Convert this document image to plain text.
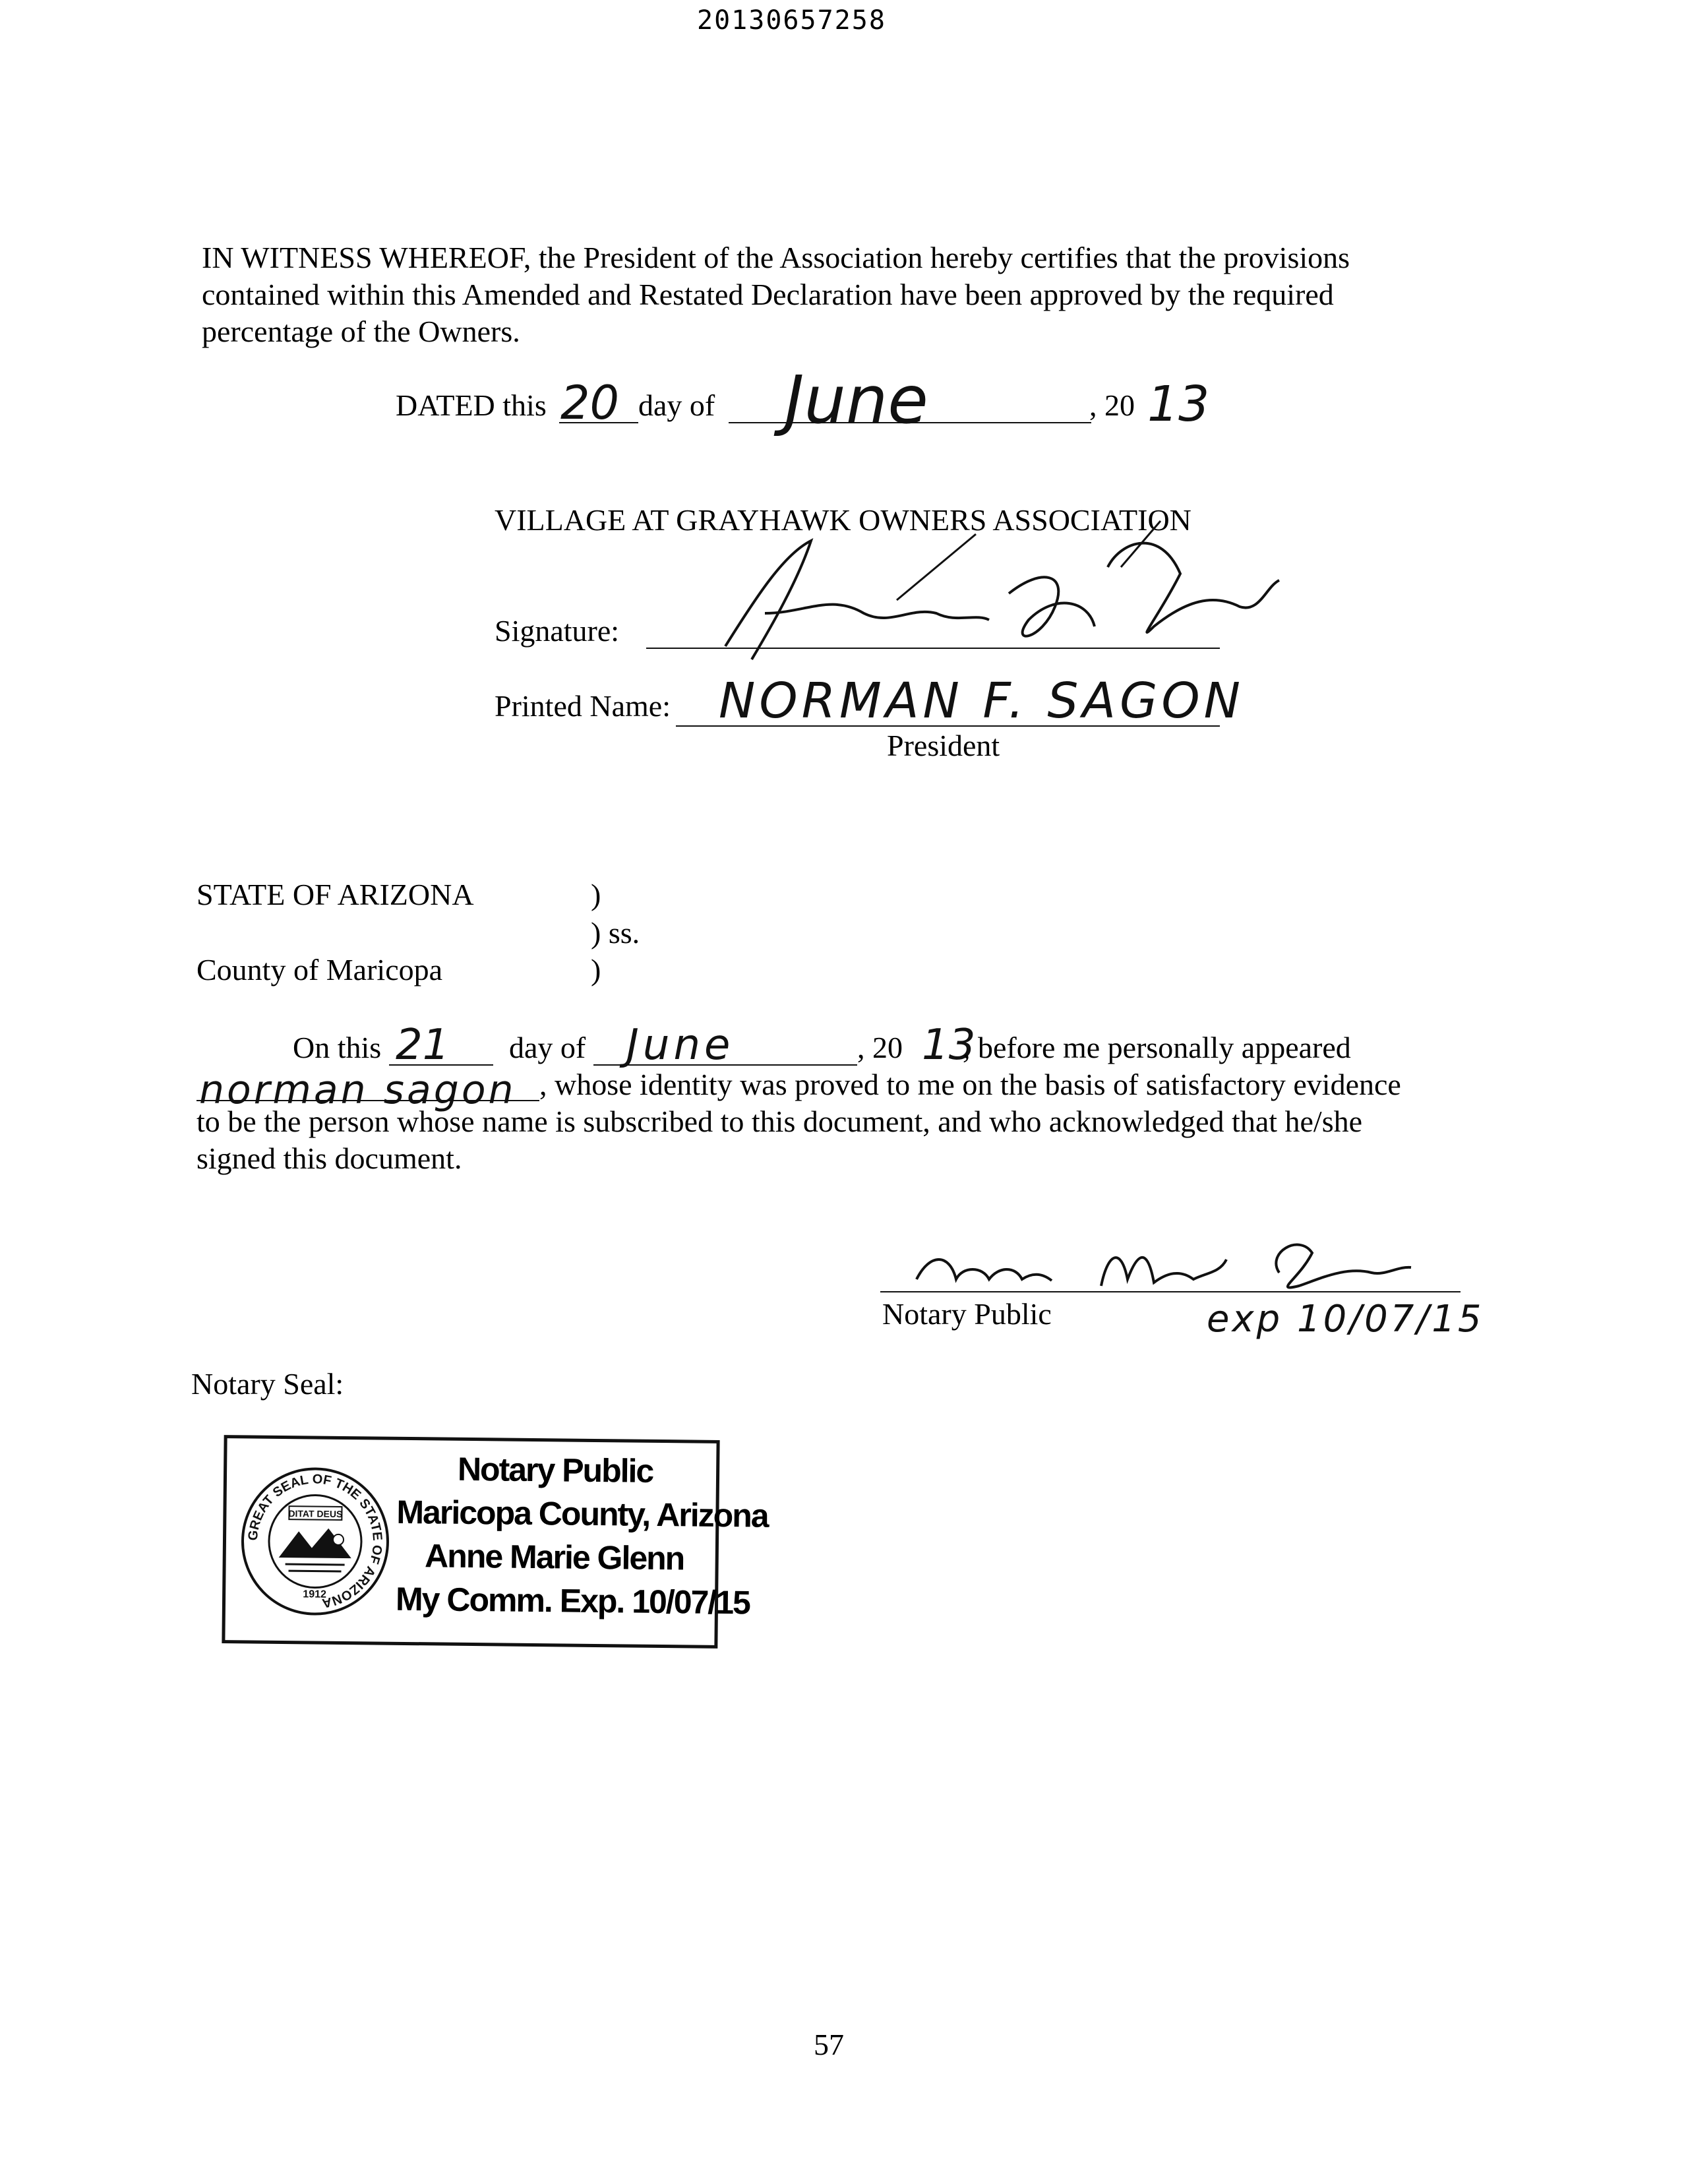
20130657258
IN WITNESS WHEREOF, the President of the Association hereby certifies that the provisions
contained within this Amended and Restated Declaration have been approved by the required
percentage of the Owners.
DATED this 20 day of June	, 20 13
VILLAGE AT GRAYHAWK OWNERS ASSOCIATION
Signature:
Printed Name: NORMAN F. SAGON
President
STATE OF ARIZONA	)
) ss.
County of Maricopa	)
On this 21 day of June	, 20 13
, before me personally appeared
norman sagon , whose identity was proved to me on the basis of satisfactory evidence
to be the person whose name is subscribed to this document, and who acknowledged that he/she
signed this document.
Notary Public	exp 10/07/15
Notary Seal:
GREAT SEAL OF THE STATE OF ARIZONA
DITAT DEUS
1912
Notary Public
Maricopa County, Arizona
Anne Marie Glenn
My Comm. Exp. 10/07/15
57
